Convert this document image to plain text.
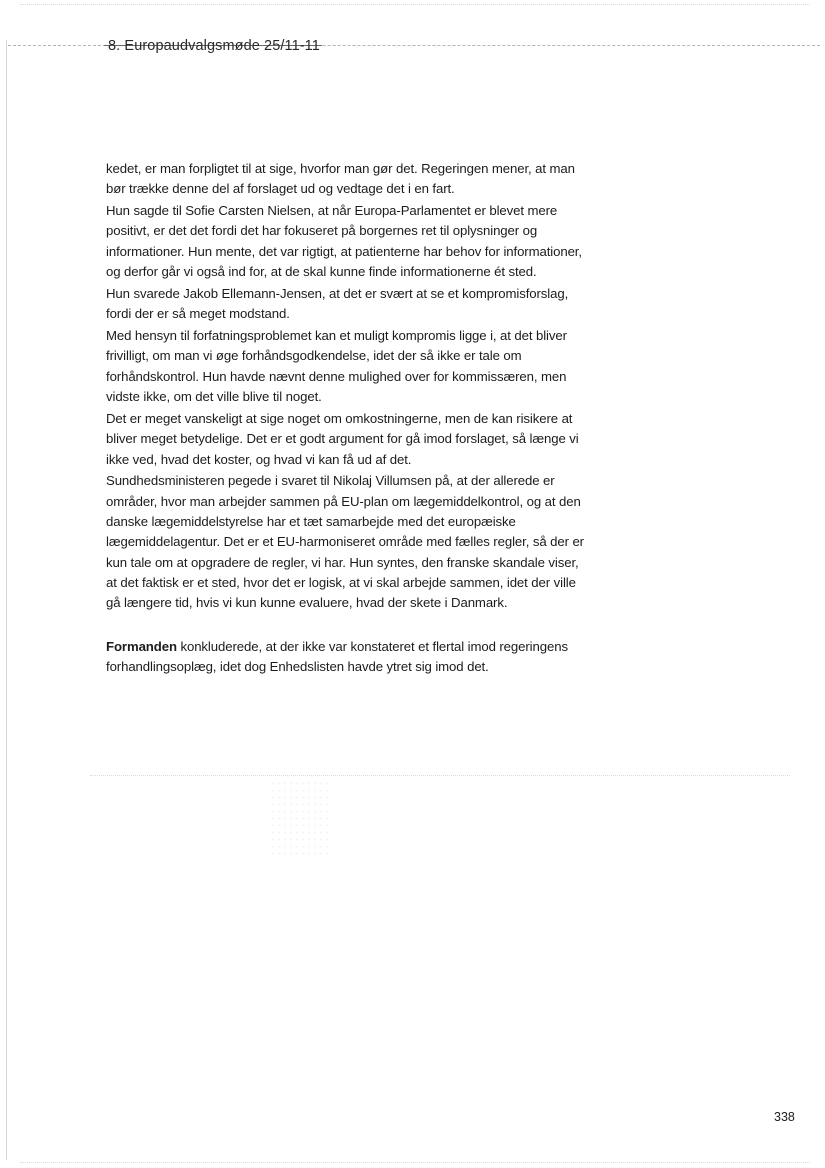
8. Europaudvalgsmøde 25/11-11

kedet, er man forpligtet til at sige, hvorfor man gør det. Regeringen mener, at man bør trække denne del af forslaget ud og vedtage det i en fart.

Hun sagde til Sofie Carsten Nielsen, at når Europa-Parlamentet er blevet mere positivt, er det det fordi det har fokuseret på borgernes ret til oplysninger og informationer. Hun mente, det var rigtigt, at patienterne har behov for informationer, og derfor går vi også ind for, at de skal kunne finde informationerne ét sted.

Hun svarede Jakob Ellemann-Jensen, at det er svært at se et kompromisforslag, fordi der er så meget modstand.

Med hensyn til forfatningsproblemet kan et muligt kompromis ligge i, at det bliver frivilligt, om man vi øge forhåndsgodkendelse, idet der så ikke er tale om forhåndskontrol. Hun havde nævnt denne mulighed over for kommissæren, men vidste ikke, om det ville blive til noget.

Det er meget vanskeligt at sige noget om omkostningerne, men de kan risikere at bliver meget betydelige. Det er et godt argument for gå imod forslaget, så længe vi ikke ved, hvad det koster, og hvad vi kan få ud af det.

Sundhedsministeren pegede i svaret til Nikolaj Villumsen på, at der allerede er områder, hvor man arbejder sammen på EU-plan om lægemiddelkontrol, og at den danske lægemiddelstyrelse har et tæt samarbejde med det europæiske lægemiddelagentur. Det er et EU-harmoniseret område med fælles regler, så der er kun tale om at opgradere de regler, vi har. Hun syntes, den franske skandale viser, at det faktisk er et sted, hvor det er logisk, at vi skal arbejde sammen, idet der ville gå længere tid, hvis vi kun kunne evaluere, hvad der skete i Danmark.

Formanden konkluderede, at der ikke var konstateret et flertal imod regeringens forhandlingsoplæg, idet dog Enhedslisten havde ytret sig imod det.

338
